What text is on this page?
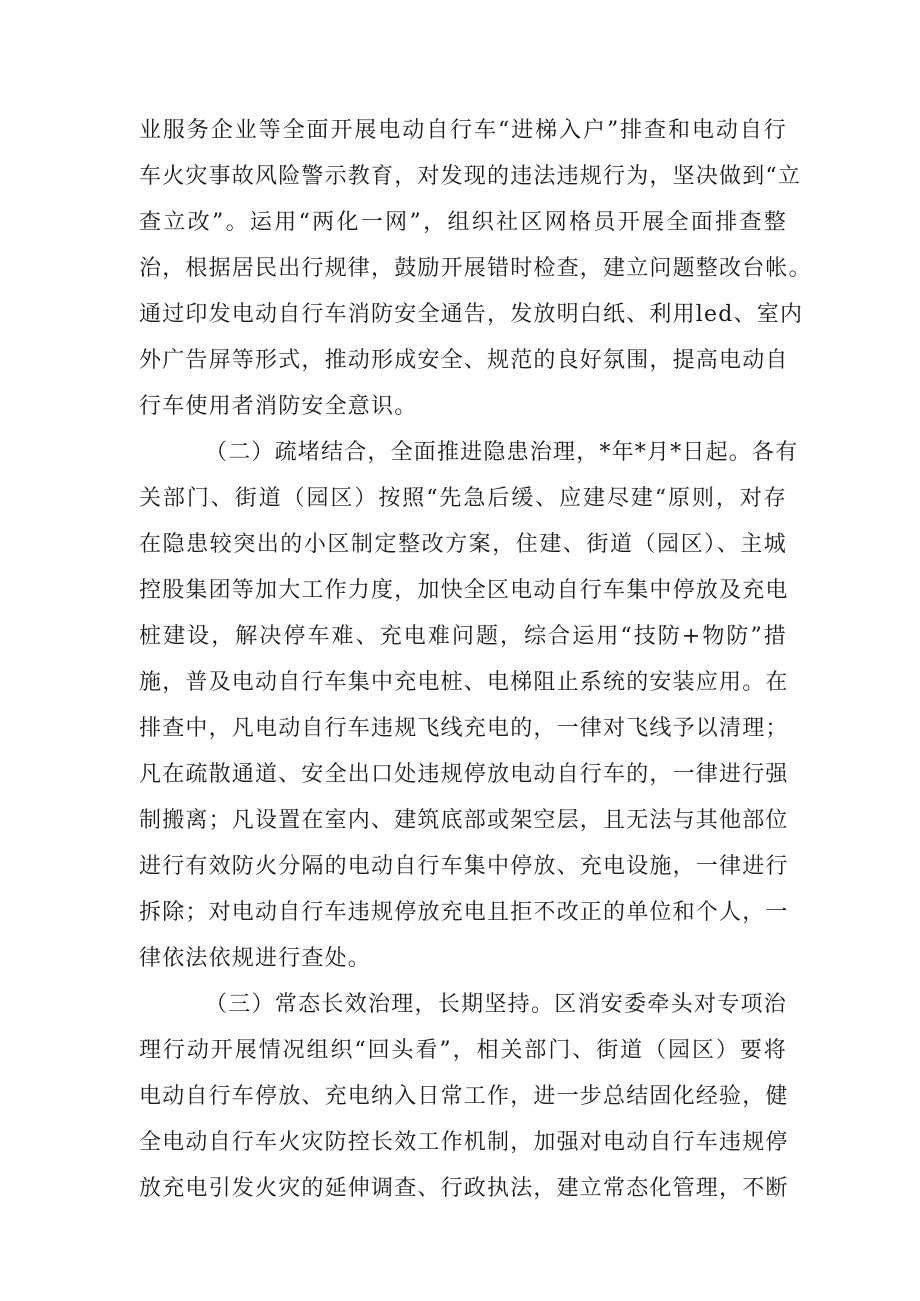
业服务企业等全面开展电动自行车“进梯入户”排查和电动自行
车火灾事故风险警示教育，对发现的违法违规行为，坚决做到“立
查立改”。运用“两化一网”，组织社区网格员开展全面排查整
治，根据居民出行规律，鼓励开展错时检查，建立问题整改台帐。
通过印发电动自行车消防安全通告，发放明白纸、利用led、室内
外广告屏等形式，推动形成安全、规范的良好氛围，提高电动自
行车使用者消防安全意识。
（二）疏堵结合，全面推进隐患治理，*年*月*日起。各有
关部门、街道（园区）按照“先急后缓、应建尽建“原则，对存
在隐患较突出的小区制定整改方案，住建、街道（园区）、主城
控股集团等加大工作力度，加快全区电动自行车集中停放及充电
桩建设，解决停车难、充电难问题，综合运用“技防+物防”措
施，普及电动自行车集中充电桩、电梯阻止系统的安装应用。在
排查中，凡电动自行车违规飞线充电的，一律对飞线予以清理；
凡在疏散通道、安全出口处违规停放电动自行车的，一律进行强
制搬离；凡设置在室内、建筑底部或架空层，且无法与其他部位
进行有效防火分隔的电动自行车集中停放、充电设施，一律进行
拆除；对电动自行车违规停放充电且拒不改正的单位和个人，一
律依法依规进行查处。
（三）常态长效治理，长期坚持。区消安委牵头对专项治
理行动开展情况组织“回头看”，相关部门、街道（园区）要将
电动自行车停放、充电纳入日常工作，进一步总结固化经验，健
全电动自行车火灾防控长效工作机制，加强对电动自行车违规停
放充电引发火灾的延伸调查、行政执法，建立常态化管理，不断
